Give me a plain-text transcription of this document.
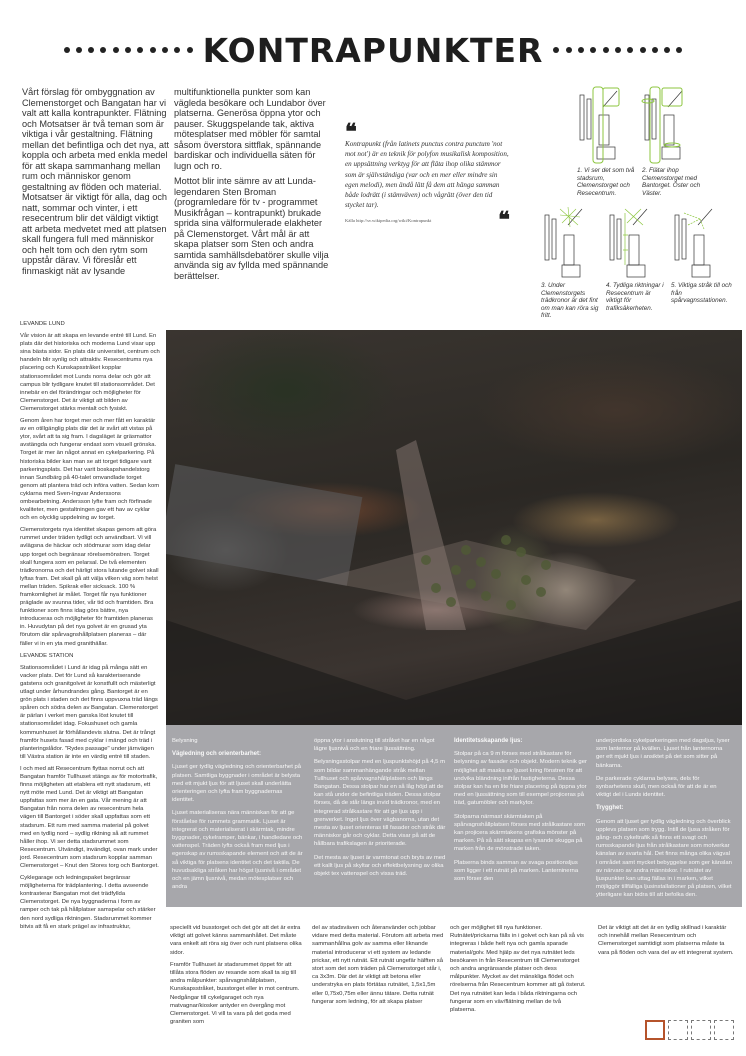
KONTRAPUNKTER

Vårt förslag för ombyggnation av Clemenstorget och Bangatan har vi valt att kalla kontrapunkter. Flätning och Motsatser är två teman som är viktiga i vår gestaltning. Flätning mellan det befintliga och det nya, att koppla och arbeta med enkla medel för att skapa sammanhang mellan rum och människor genom gestaltning av flöden och material. Motsatser är viktigt för alla, dag och natt, sommar och vinter, i ett resecentrum blir det väldigt viktigt att arbeta medvetet med att platsen skall fungera full med människor och helt tom och den rytm som uppstår därav. Vi föreslår ett finmaskigt nät av lysande

multifunktionella punkter som kan vägleda besökare och Lundabor över platserna. Generösa öppna ytor och pauser. Skuggspelande tak, aktiva mötesplatser med möbler för samtal såsom överstora sittflak, spännande bardiskar och individuella säten för lugn och ro.

Mottot blir inte sämre av att Lunda-legendaren Sten Broman (programledare för tv - programmet Musikfrågan – kontrapunkt) brukade sprida sina välformulerade elakheter på Clemenstorget. Vårt mål är att skapa platser som Sten och andra samtida samhällsdebatörer skulle vilja använda sig av fyllda med spännande berättelser.

❝

Kontrapunkt (från latinets punctus contra punctum 'not mot not') är en teknik för polyfon musikalisk komposition, en uppsättning verktyg för att fläta ihop olika stämmor som är självständiga (var och en mer eller mindre sin egen melodi), men ändå lätt få dem att hänga samman både lodrätt (i stämväven) och vågrätt (över den tid stycket tar).

Källa http://sv.wikipedia.org/wiki/Kontrapunkt	❝
1. Vi ser det som två stadsrum, Clemenstorget och Resecentrum.
2. Flätar ihop Clemenstorget med Bantorget. Öster och Väster.
3. Under Clemenstorgets trädkronor är det fint om man kan röra sig fritt.
4. Tydliga riktningar i Resecentrum är viktigt för trafiksäkerheten.
5. Viktiga stråk till och från spårvagnsstationen.
LEVANDE LUND

Vår vision är att skapa en levande entré till Lund. En plats där det historiska och moderna Lund visar upp sina bästa sidor. En plats där universitet, centrum och handeln blir synlig och attraktiv. Resecentrums nya placering och Kunskapsstråket kopplar stationsområdet mot Lunds norra delar och gör att campus blir tydligare knutet till stationsområdet. Det innebär en del förändringar och möjligheter för Clemenstorget. Det är viktigt att bilden av Clemenstorget stärks mentalt och fysiskt.

Genom åren har torget mer och mer fått en karaktär av en otillgänglig plats där det är svårt att vistas på ytor, svårt att ta sig fram. I dagsläget är gräsmattor avstängda och fungerar endast som visuell grönska. Torget är mer än något annat en cykelparkering. På historiska bilder kan man se att torget tidigare varit parkeringsplats. Det har varit boskapshandelstorg innan Sundbärg på 40-talet omvandlade torget genom att plantera träd och införa vatten. Sedan kom cyklarna med Sven-Ingvar Anderssons ombearbetning. Andersson lyfte fram och förfinade kvaliteter, men gestaltningen gav ett hav av cyklar och en olycklig uppdelning av torget.

Clemenstorgets nya identitet skapas genom att göra rummet under träden tydligt och användbart. Vi vill avlägsna de häckar och stödmurar som idag delar upp torget och begränsar rörelsemönstren. Torget skall fungera som en pelarsal. De två elementen trädkronorna och det härligt stora lutande golvet skall lyftas fram. Det skall gå att välja vilken väg som helst mellan träden. Spikrak eller sicksack. 100 % framkomlighet är målet. Torget får nya funktioner präglade av svunna tider, vår tid och framtiden. Bra funktioner som finns idag görs bättre, nya introduceras och möjligheter för framtiden planeras in. Huvudytan på det nya golvet är en grusad yta förutom där spårvagnshållplatsen planeras – där fäller vi in en yta med granithällar.

LEVANDE STATION

Stationsområdet i Lund är idag på många sätt en vacker plats. Det för Lund så karakteriserande gatstens och granitgolvet är konstfullt och mästerligt utlagt under århundrandes gång. Bantorget är en grön plats i staden och det finns uppvuxna träd längs spåren och södra delen av Bangatan. Clemenstorget är pärlan i verket men ganska löst knutet till stationsområdet idag. Fokushuset och gamla kommunhuset är förhållandevis slutna. Det är trångt framför husets fasad med cyklar i mängd och träd i planteringslådor. "Rydes passage" under järnvägen till Västra station är inte en värdig entré till staden.

I och med att Resecentrum flyttas norrut och att Bangatan framför Tullhuset stängs av för motortrafik, finns möjligheten att etablera ett nytt stadsrum, ett nytt möte med Lund. Det är viktigt att Bangatan uppfattas som mer än en gata. Vår mening är att Bangatan från norra delen av resecentrum hela vägen till Bantorget i söder skall uppfattas som ett stadsrum. Ett rum med samma material på golvet med en tydlig nord – sydlig riktning så att rummet håller ihop. Vi ser detta stadsrummet som Resecentrum. Utvändigt, invändigt, ovan mark under jord. Resecentrum som stadsrum kopplar samman Clemenstorget – Knut den Stores torg och Bantorget.

Cyklegarage och ledningspaket begränsar möjligheterna för trädplantering. I detta avseende kontrasterar Bangatan mot det trädfyllda Clemenstorget. De nya byggnaderna i form av ramper och tak på hållplatser samspelar och stärker den nord sydliga riktningen. Stadsrummet kommer bitvis att få en stark prägel av infrastruktur,

Belysning

Vägledning och orienterbarhet:

Ljuset ger tydlig vägledning och orienterbarhet på platsen. Samtliga byggnader i området är belysta med ett mjukt ljus för att ljuset skall underlätta orienteringen och lyfta fram byggnadernas identitet.

Ljuset materialiseras nära människan för att ge förståelse för rummets grammatik. Ljuset är integrerat och materialiserat i skärmtak, mindre byggnader, cykelramper, bänkar, i handledare och vattenspel. Träden lyfts också fram med ljus i egenskap av rumsskapande element och att de är så viktiga för platsens identitet och det taktila. De huvudsakliga stråken har högst ljusnivå i området och en jämn ljusnivå, medan mötesplatser och andra

öppna ytor i anslutning till stråket har en något lägre ljusnivå och en friare ljussättning.

Belysningsstolpar med en ljuspunktshöjd på 4,5 m som bildar sammanhängande stråk mellan Tullhuset och spårvagnshållplatsen och längs Bangatan. Dessa stolpar har en så låg höjd att de kan stå under de befintliga träden. Dessa stolpar förses, då de står längs invid trädkronor, med en integrerad strålkastare för att ge ljus upp i grenverket. Inget ljus över vägbanorna, utan det mesta av ljuset orienteras till fasader och stråk där människor går och cyklar. Detta visar på att de hållbara trafikslagen är prioriterade.

Det mesta av ljuset är varmtonat och bryts av med ett kallt ljus på skyltar och effektbelysning av olika objekt tex vattenspel och vissa träd.

Identitetsskapande ljus:

Stolpar på ca 9 m förses med strålkastare för belysning av fasader och objekt. Modern teknik ger möjlighet att maska av ljuset kring fönstren för att undvika bländning inifrån fastigheterna. Dessa stolpar kan ha en lite friare placering på öppna ytor med en ljussättning som till exempel projiceras på träd, gatumöbler och markytor.

Stolparna närmast skärmtaken på spårvagnshållplatsen förses med strålkastare som kan projicera skärmtakens grafiska mönster på marken. På så sätt skapas en lysande skugga på marken från de mönstrade taken.

Platserna binds samman av svaga positionsljus som ligger i ett rutnät på marken. Lanterninerna som förser den

underjordiska cykelparkeringen med dagsljus, lyser som lanternor på kvällen. Ljuset från lanternorna ger ett mjukt ljus i ansiktet på det som sitter på bänkarna.

De parkerade cyklarna belyses, dels för synbarhetens skull, men också för att de är en viktigt del i Lunds identitet.

Trygghet:

Genom att ljuset ger tydlig vägledning och överblick upplevs platsen som trygg. Intill de ljusa stråken för gång- och cykeltrafik så finns ett svagt och rumsskapande ljus från strålkastare som motverkar känslan av svarta hål. Det finns många olika vägval i området samt mycket bebyggelse som ger känslan av närvaro av andra människor. I rutnätet av ljuspunkter kan uttag fällas in i marken, vilket möjliggör tillfälliga ljusinstallationer på platsen, vilket ytterligare kan bidra till att befolka den.

speciellt vid busstorget och det gör att det är extra viktigt att golvet känns sammanhållet. Det måste vara enkelt att röra sig över och runt platsens olika sidor.

Framför Tullhuset är stadsrummet öppet för att tillåta stora flöden av resande som skall ta sig till andra målpunkter: spårvagnshållplatsen, Kunskapsstråket, busstorget eller in mot centrum. Nedgångar till cykelgaraget och nya matvagnar/kiosker antyder en övergång mot Clemenstorget. Vi vill ta vara på det goda med graniten som

del av stadsväven och återanvänder och jobbar vidare med detta material. Förutom att arbeta med sammanhållna golv av samma eller liknande material introducerar vi ett system av ledande prickar, ett nytt rutnät. Ett rutnät ungefär hälften så stort som det som träden på Clemenstorget står i, ca 3x3m. Där det är viktigt att betona eller understryka en plats förtätas rutnätet, 1,5x1,5m eller 0,75x0,75m eller ännu tätare. Detta rutnät fungerar som ledning, för att skapa platser

och ger möjlighet till nya funktioner. Rutnätet/prickarna fälls in i golvet och kan på så vis integreras i både helt nya och gamla sparade material/golv. Med hjälp av det nya rutnätet leds besökaren in från Resecentrum till Clemenstorget och andra angränsande platser och dess målpunkter. Mycket av det mänskliga flödet och rörelserna från Resecentrum kommer att gå österut. Det nya rutnätet kan leda i båda riktningarna och fungerar som en väv/flätning mellan de två platserna.

Det är viktigt att det är en tydlig skillnad i karaktär och innehåll mellan Resecentrum och Clemenstorget samtidigt som platserna måste ta vara på flöden och vara del av ett integrerat system.
